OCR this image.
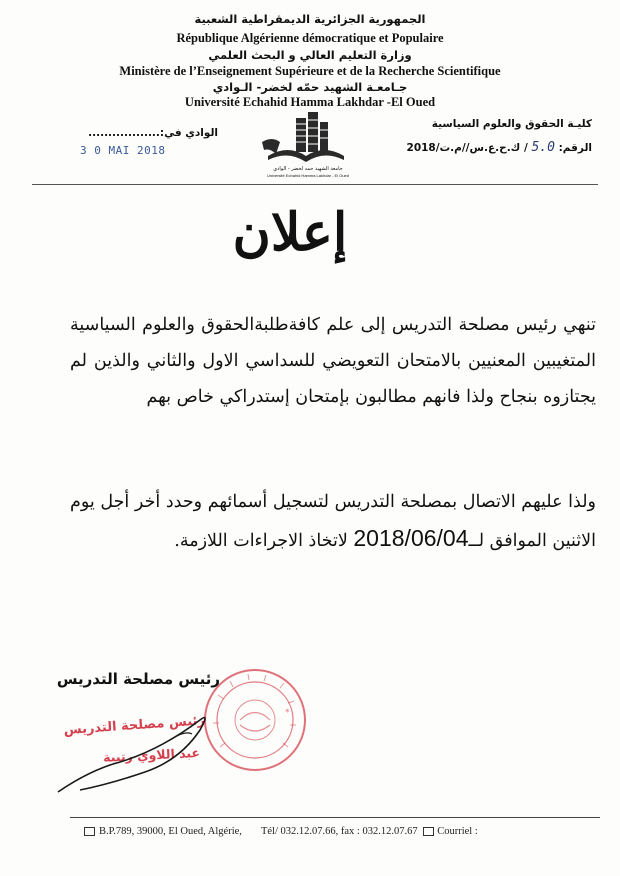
الجمهورية الجزائرية الديمقراطية الشعبية
République Algérienne démocratique et Populaire
وزارة التعليم العالي و البحث العلمي
Ministère de l’Enseignement Supérieure et de la Recherche Scientifique
جـامعـة الشهيد حمّه لخضر- الـوادي
Université Echahid Hamma Lakhdar -El Oued
الوادي في:..................
3 0 MAI 2018
جامعة الشهيد حمه لخضر - الوادي
Université Echahid Hamma Lakhdar - El Oued
كليـة الحقوق والعلوم السياسية
الرقم: 5.0 / ك.ح.ع.س//م.ت/2018
إعلان
تنهي رئيس مصلحة التدريس إلى علم كافةطلبةالحقوق والعلوم السياسية المتغيبين المعنيين بالامتحان التعويضي للسداسي الاول والثاني والذين لم يجتازوه بنجاح ولذا فانهم مطالبون بإمتحان إستدراكي خاص بهم
ولذا عليهم الاتصال بمصلحة التدريس لتسجيل أسمائهم وحدد أخر أجل يوم الاثنين الموافق لــ2018/06/04 لاتخاذ الاجراءات اللازمة.
رئيس مصلحة التدريس
*
رئيس مصلحة التدريس
عبد اللاوي رتيبة
B.P.789, 39000, El Oued, Algérie, Tél/ 032.12.07.66, fax : 032.12.07.67 Courriel :
